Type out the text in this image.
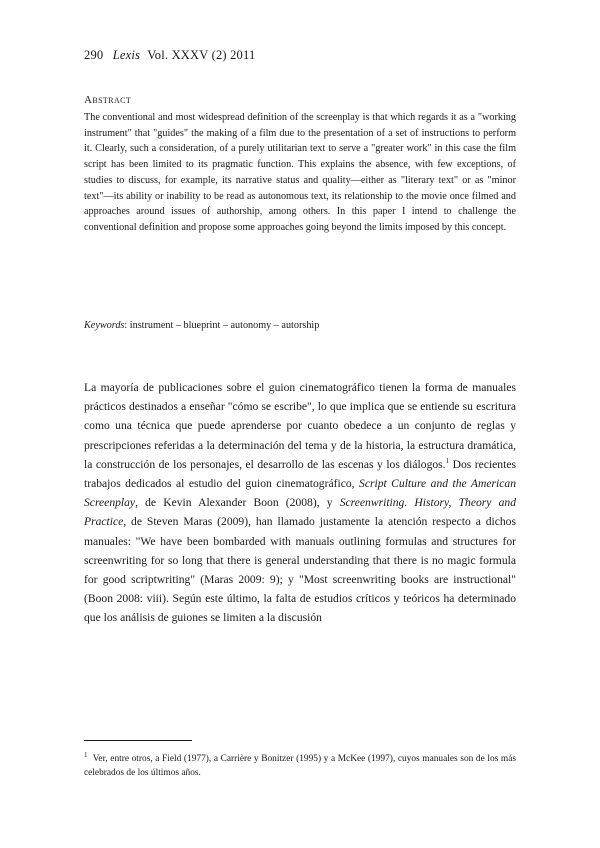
290 Lexis Vol. XXXV (2) 2011
Abstract

The conventional and most widespread definition of the screenplay is that which regards it as a "working instrument" that "guides" the making of a film due to the presentation of a set of instructions to perform it. Clearly, such a consideration, of a purely utilitarian text to serve a "greater work" in this case the film script has been limited to its pragmatic function. This explains the absence, with few exceptions, of studies to discuss, for example, its narrative status and quality—either as "literary text" or as "minor text"—its ability or inability to be read as autonomous text, its relationship to the movie once filmed and approaches around issues of authorship, among others. In this paper I intend to challenge the conventional definition and propose some approaches going beyond the limits imposed by this concept.

Keywords: instrument – blueprint – autonomy – autorship

La mayoría de publicaciones sobre el guion cinematográfico tienen la forma de manuales prácticos destinados a enseñar "cómo se escribe", lo que implica que se entiende su escritura como una técnica que puede aprenderse por cuanto obedece a un conjunto de reglas y prescripciones referidas a la determinación del tema y de la historia, la estructura dramática, la construcción de los personajes, el desarrollo de las escenas y los diálogos.$^1$ Dos recientes trabajos dedicados al estudio del guion cinematográfico, Script Culture and the American Screenplay, de Kevin Alexander Boon (2008), y Screenwriting. History, Theory and Practice, de Steven Maras (2009), han llamado justamente la atención respecto a dichos manuales: "We have been bombarded with manuals outlining formulas and structures for screenwriting for so long that there is general understanding that there is no magic formula for good scriptwriting" (Maras 2009: 9); y "Most screenwriting books are instructional" (Boon 2008: viii). Según este último, la falta de estudios críticos y teóricos ha determinado que los análisis de guiones se limiten a la discusión

$^1$ Ver, entre otros, a Field (1977), a Carrière y Bonitzer (1995) y a McKee (1997), cuyos manuales son de los más celebrados de los últimos años.
